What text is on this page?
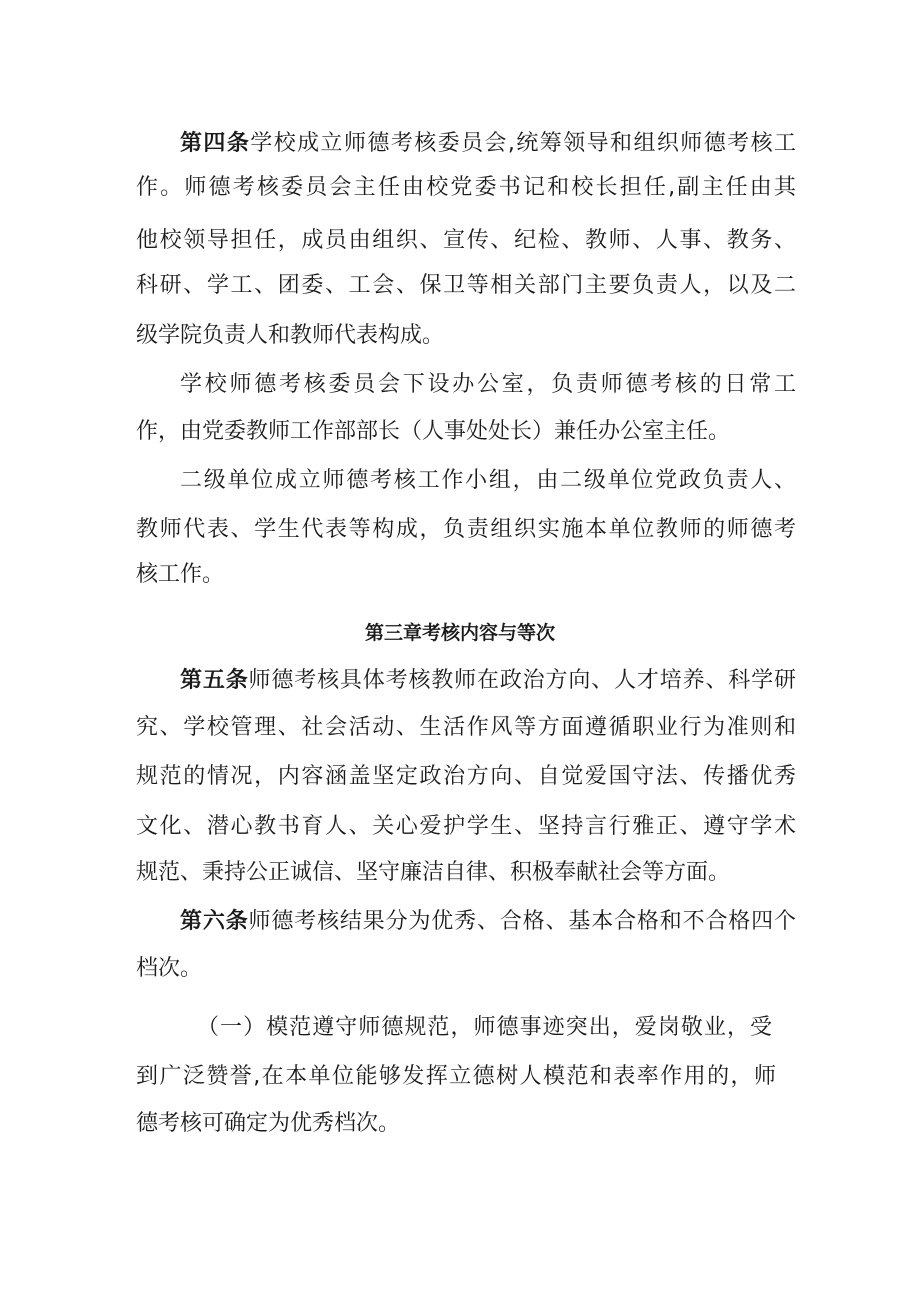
第四条学校成立师德考核委员会,统筹领导和组织师德考核工
作。师德考核委员会主任由校党委书记和校长担任,副主任由其
他校领导担任，成员由组织、宣传、纪检、教师、人事、教务、
科研、学工、团委、工会、保卫等相关部门主要负责人，以及二
级学院负责人和教师代表构成。
学校师德考核委员会下设办公室，负责师德考核的日常工
作，由党委教师工作部部长（人事处处长）兼任办公室主任。
二级单位成立师德考核工作小组，由二级单位党政负责人、
教师代表、学生代表等构成，负责组织实施本单位教师的师德考
核工作。
第三章考核内容与等次
第五条师德考核具体考核教师在政治方向、人才培养、科学研
究、学校管理、社会活动、生活作风等方面遵循职业行为准则和
规范的情况，内容涵盖坚定政治方向、自觉爱国守法、传播优秀
文化、潜心教书育人、关心爱护学生、坚持言行雅正、遵守学术
规范、秉持公正诚信、坚守廉洁自律、积极奉献社会等方面。
第六条师德考核结果分为优秀、合格、基本合格和不合格四个
档次。
（一）模范遵守师德规范，师德事迹突出，爱岗敬业，受
到广泛赞誉,在本单位能够发挥立德树人模范和表率作用的，师
德考核可确定为优秀档次。
